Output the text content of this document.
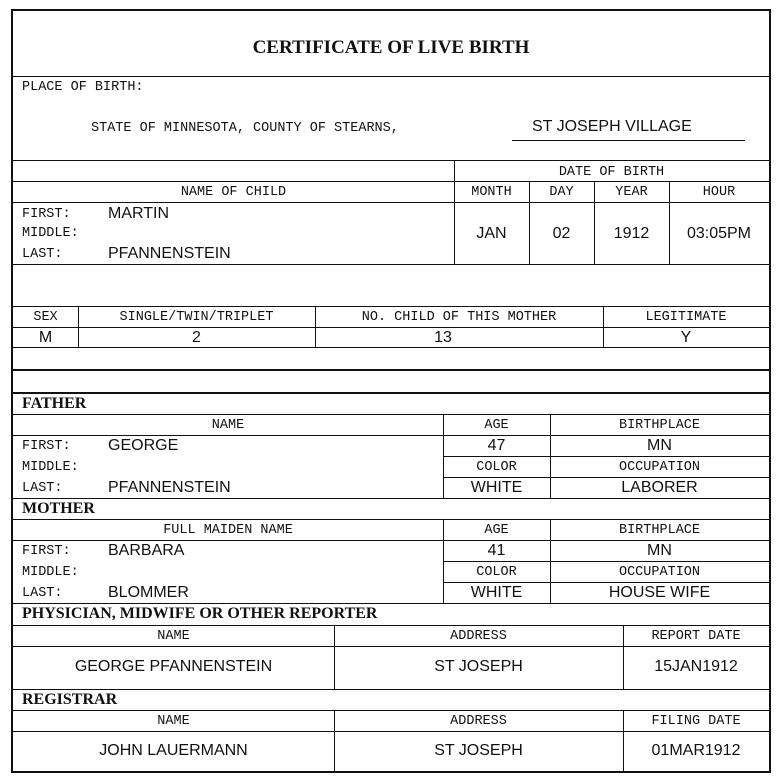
CERTIFICATE OF LIVE BIRTH
PLACE OF BIRTH:
STATE OF MINNESOTA, COUNTY OF STEARNS,	ST JOSEPH VILLAGE
DATE OF BIRTH
NAME OF CHILD	MONTH	DAY	YEAR	HOUR
FIRST: MARTIN
MIDDLE:
LAST:	PFANNENSTEIN
JAN	02	1912	03:05PM
SEX	SINGLE/TWIN/TRIPLET	NO. CHILD OF THIS MOTHER	LEGITIMATE
M	2	13	Y
FATHER
NAME	AGE	BIRTHPLACE
FIRST: GEORGE	47	MN
MIDDLE:	COLOR	OCCUPATION
LAST:	PFANNENSTEIN	WHITE	LABORER
MOTHER
FULL MAIDEN NAME	AGE	BIRTHPLACE
FIRST: BARBARA	41	MN
MIDDLE:	COLOR	OCCUPATION
LAST:	BLOMMER	WHITE	HOUSE WIFE
PHYSICIAN, MIDWIFE OR OTHER REPORTER
NAME	ADDRESS	REPORT DATE
GEORGE PFANNENSTEIN	ST JOSEPH	15JAN1912
REGISTRAR
NAME	ADDRESS	FILING DATE
JOHN LAUERMANN	ST JOSEPH	01MAR1912
